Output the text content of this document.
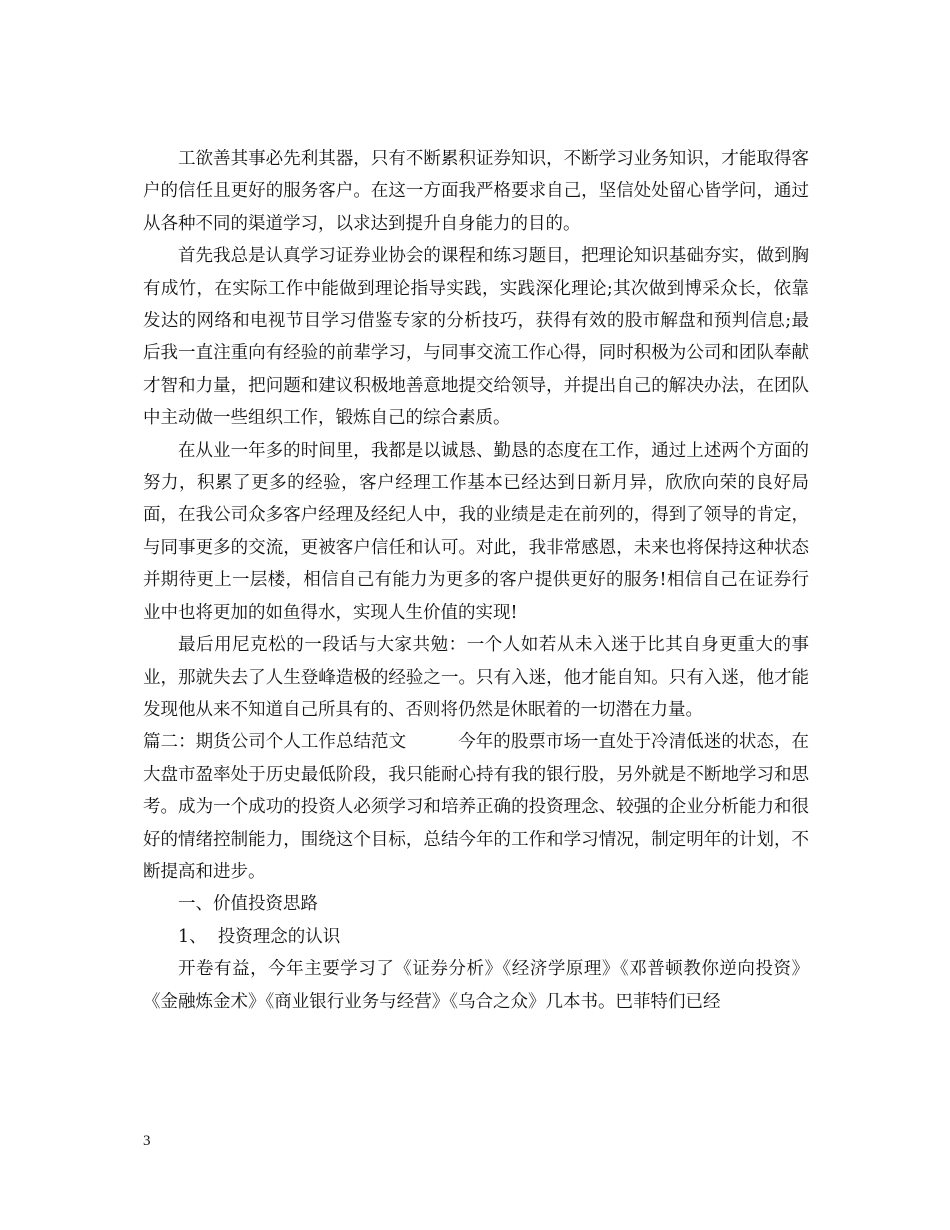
工欲善其事必先利其器，只有不断累积证券知识，不断学习业务知识，才能取得客户的信任且更好的服务客户。在这一方面我严格要求自己，坚信处处留心皆学问，通过从各种不同的渠道学习，以求达到提升自身能力的目的。

首先我总是认真学习证券业协会的课程和练习题目，把理论知识基础夯实，做到胸有成竹，在实际工作中能做到理论指导实践，实践深化理论;其次做到博采众长，依靠发达的网络和电视节目学习借鉴专家的分析技巧，获得有效的股市解盘和预判信息;最后我一直注重向有经验的前辈学习，与同事交流工作心得，同时积极为公司和团队奉献才智和力量，把问题和建议积极地善意地提交给领导，并提出自己的解决办法，在团队中主动做一些组织工作，锻炼自己的综合素质。

在从业一年多的时间里，我都是以诚恳、勤恳的态度在工作，通过上述两个方面的努力，积累了更多的经验，客户经理工作基本已经达到日新月异，欣欣向荣的良好局面，在我公司众多客户经理及经纪人中，我的业绩是走在前列的，得到了领导的肯定，与同事更多的交流，更被客户信任和认可。对此，我非常感恩，未来也将保持这种状态并期待更上一层楼，相信自己有能力为更多的客户提供更好的服务!相信自己在证券行业中也将更加的如鱼得水，实现人生价值的实现!

最后用尼克松的一段话与大家共勉：一个人如若从未入迷于比其自身更重大的事业，那就失去了人生登峰造极的经验之一。只有入迷，他才能自知。只有入迷，他才能发现他从来不知道自己所具有的、否则将仍然是休眠着的一切潜在力量。

篇二：期货公司个人工作总结范文	今年的股票市场一直处于冷清低迷的状态，在大盘市盈率处于历史最低阶段，我只能耐心持有我的银行股，另外就是不断地学习和思考。成为一个成功的投资人必须学习和培养正确的投资理念、较强的企业分析能力和很好的情绪控制能力，围绕这个目标，总结今年的工作和学习情况，制定明年的计划，不断提高和进步。

一、价值投资思路

1、  投资理念的认识

开卷有益，今年主要学习了《证券分析》《经济学原理》《邓普顿教你逆向投资》《金融炼金术》《商业银行业务与经营》《乌合之众》几本书。巴菲特们已经

3
